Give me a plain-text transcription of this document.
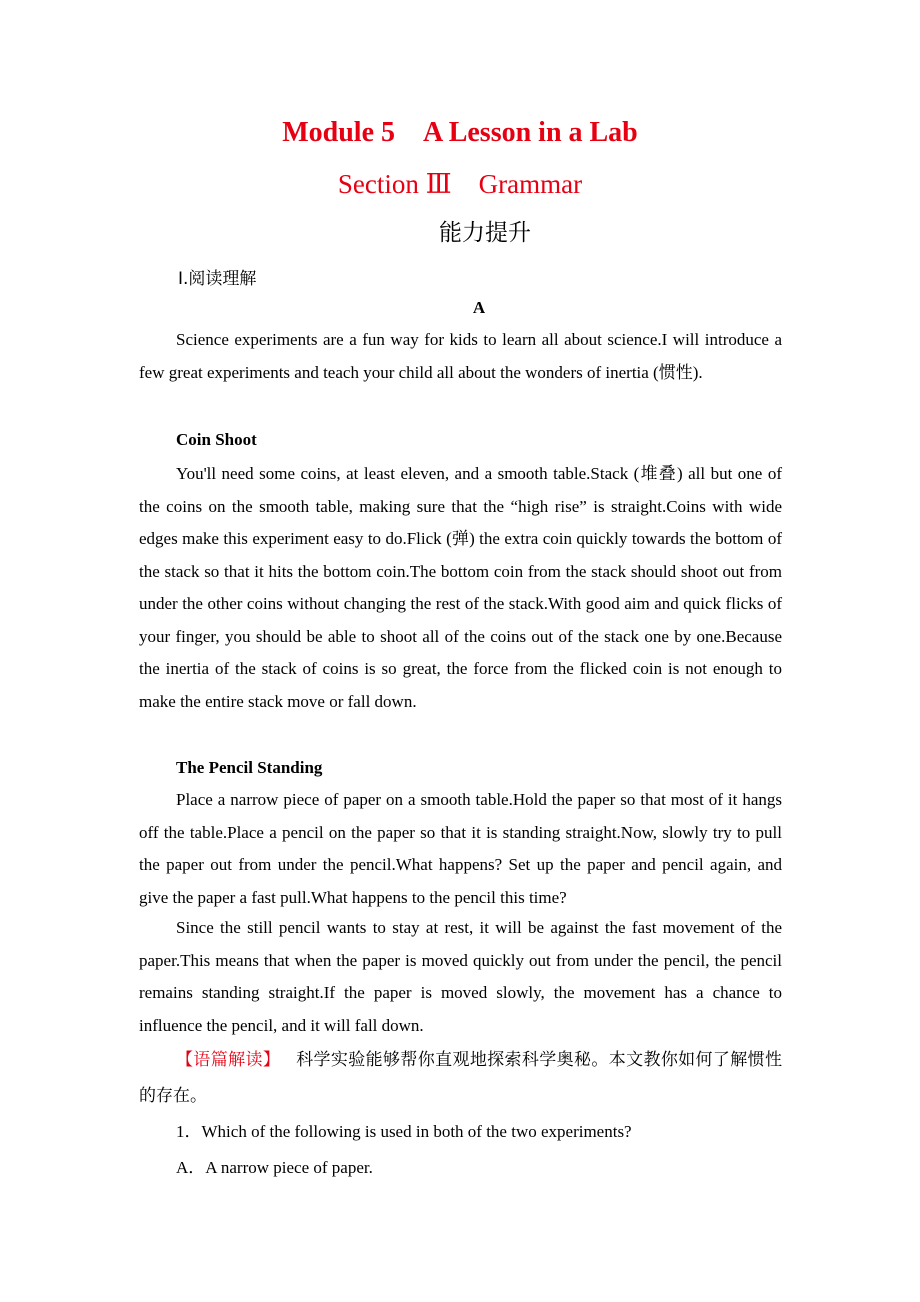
Module 5　A Lesson in a Lab
Section Ⅲ　Grammar
能力提升
Ⅰ.阅读理解
A

Science experiments are a fun way for kids to learn all about science.I will introduce a few great experiments and teach your child all about the wonders of inertia (惯性).

Coin Shoot

You'll need some coins, at least eleven, and a smooth table.Stack (堆叠) all but one of the coins on the smooth table, making sure that the “high rise” is straight.Coins with wide edges make this experiment easy to do.Flick (弹) the extra coin quickly towards the bottom of the stack so that it hits the bottom coin.The bottom coin from the stack should shoot out from under the other coins without changing the rest of the stack.With good aim and quick flicks of your finger, you should be able to shoot all of the coins out of the stack one by one.Because the inertia of the stack of coins is so great, the force from the flicked coin is not enough to make the entire stack move or fall down.

The Pencil Standing

Place a narrow piece of paper on a smooth table.Hold the paper so that most of it hangs off the table.Place a pencil on the paper so that it is standing straight.Now, slowly try to pull the paper out from under the pencil.What happens? Set up the paper and pencil again, and give the paper a fast pull.What happens to the pencil this time?

Since the still pencil wants to stay at rest, it will be against the fast movement of the paper.This means that when the paper is moved quickly out from under the pencil, the pencil remains standing straight.If the paper is moved slowly, the movement has a chance to influence the pencil, and it will fall down.

【语篇解读】 科学实验能够帮你直观地探索科学奥秘。本文教你如何了解惯性的存在。

1．Which of the following is used in both of the two experiments?

A．A narrow piece of paper.
